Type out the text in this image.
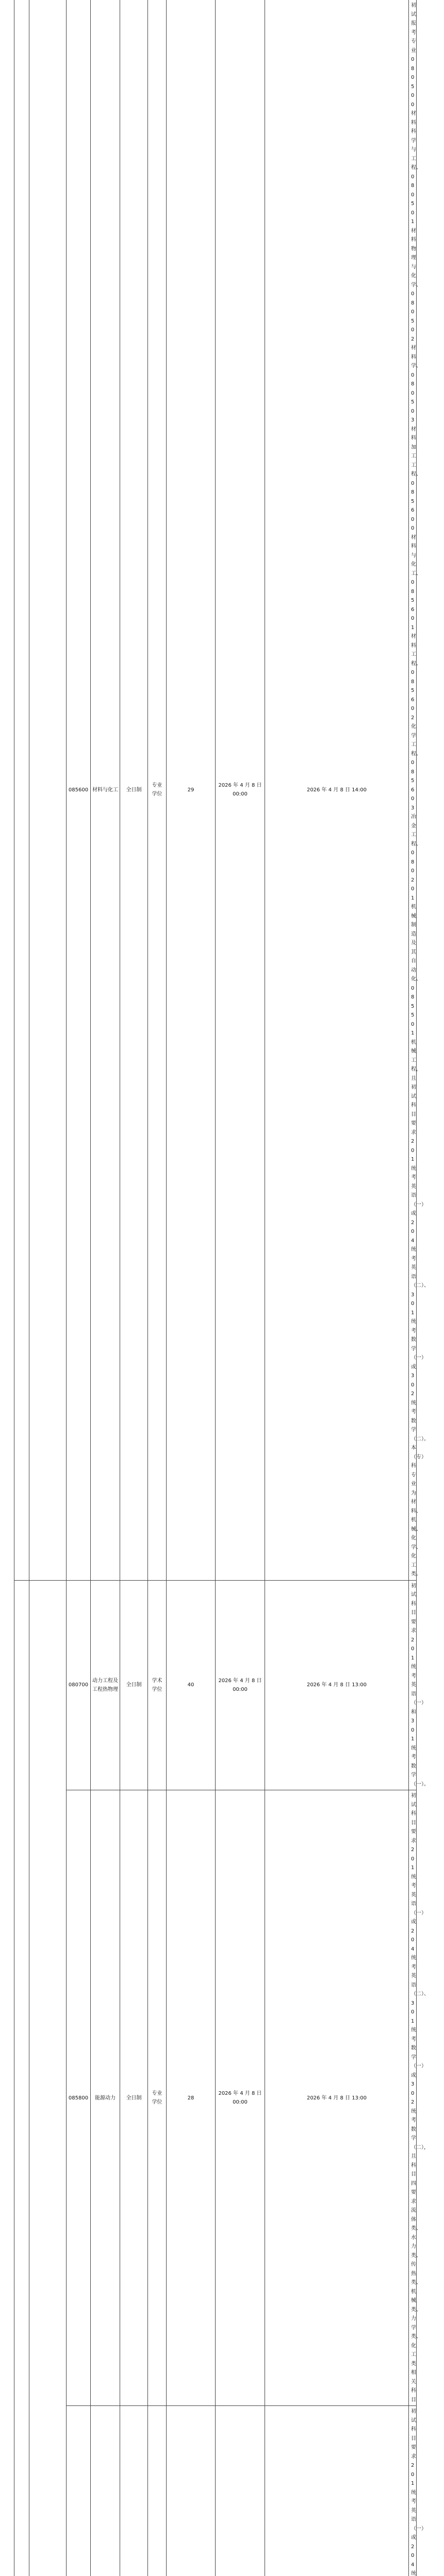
		085600	材料与化工	全日制	专业学位	29	2026 年 4 月 8 日 00:00	2026 年 4 月 8 日 14:00	初试报考专业 080500 材料科学与工程、080501 材料物理与化学、080502 材料学、080503 材料加工工程、085600 材料与化工、085601 材料工程、085602 化学工程、085603 冶金工程、080201 机械制造及其自动化、085501 机械工程，且初试科目要求 201 统考英语（一）或 204 统考英语（二）、301 统考数学（一）或 302 统考数学（二）。本（专）科专业为材料、机械、化学、化工类。		
		080700	动力工程及工程热物理	全日制	学术学位	40	2026 年 4 月 8 日 00:00	2026 年 4 月 8 日 13:00	初试科目要求 201 统考英语（一）和 301 统考数学（一）。		
		085800	能源动力	全日制	专业学位	28	2026 年 4 月 8 日 00:00	2026 年 4 月 8 日 13:00	初试科目要求 201 统考英语（一）或 204 统考英语（二）、301 统考数学（一）或 302 统考数学（二），且科目四要求流体类、水力类、传热类、机械类、力学类、化工类相关科目		
							初试科目要求 201 统考英语（一）或 204 统		
